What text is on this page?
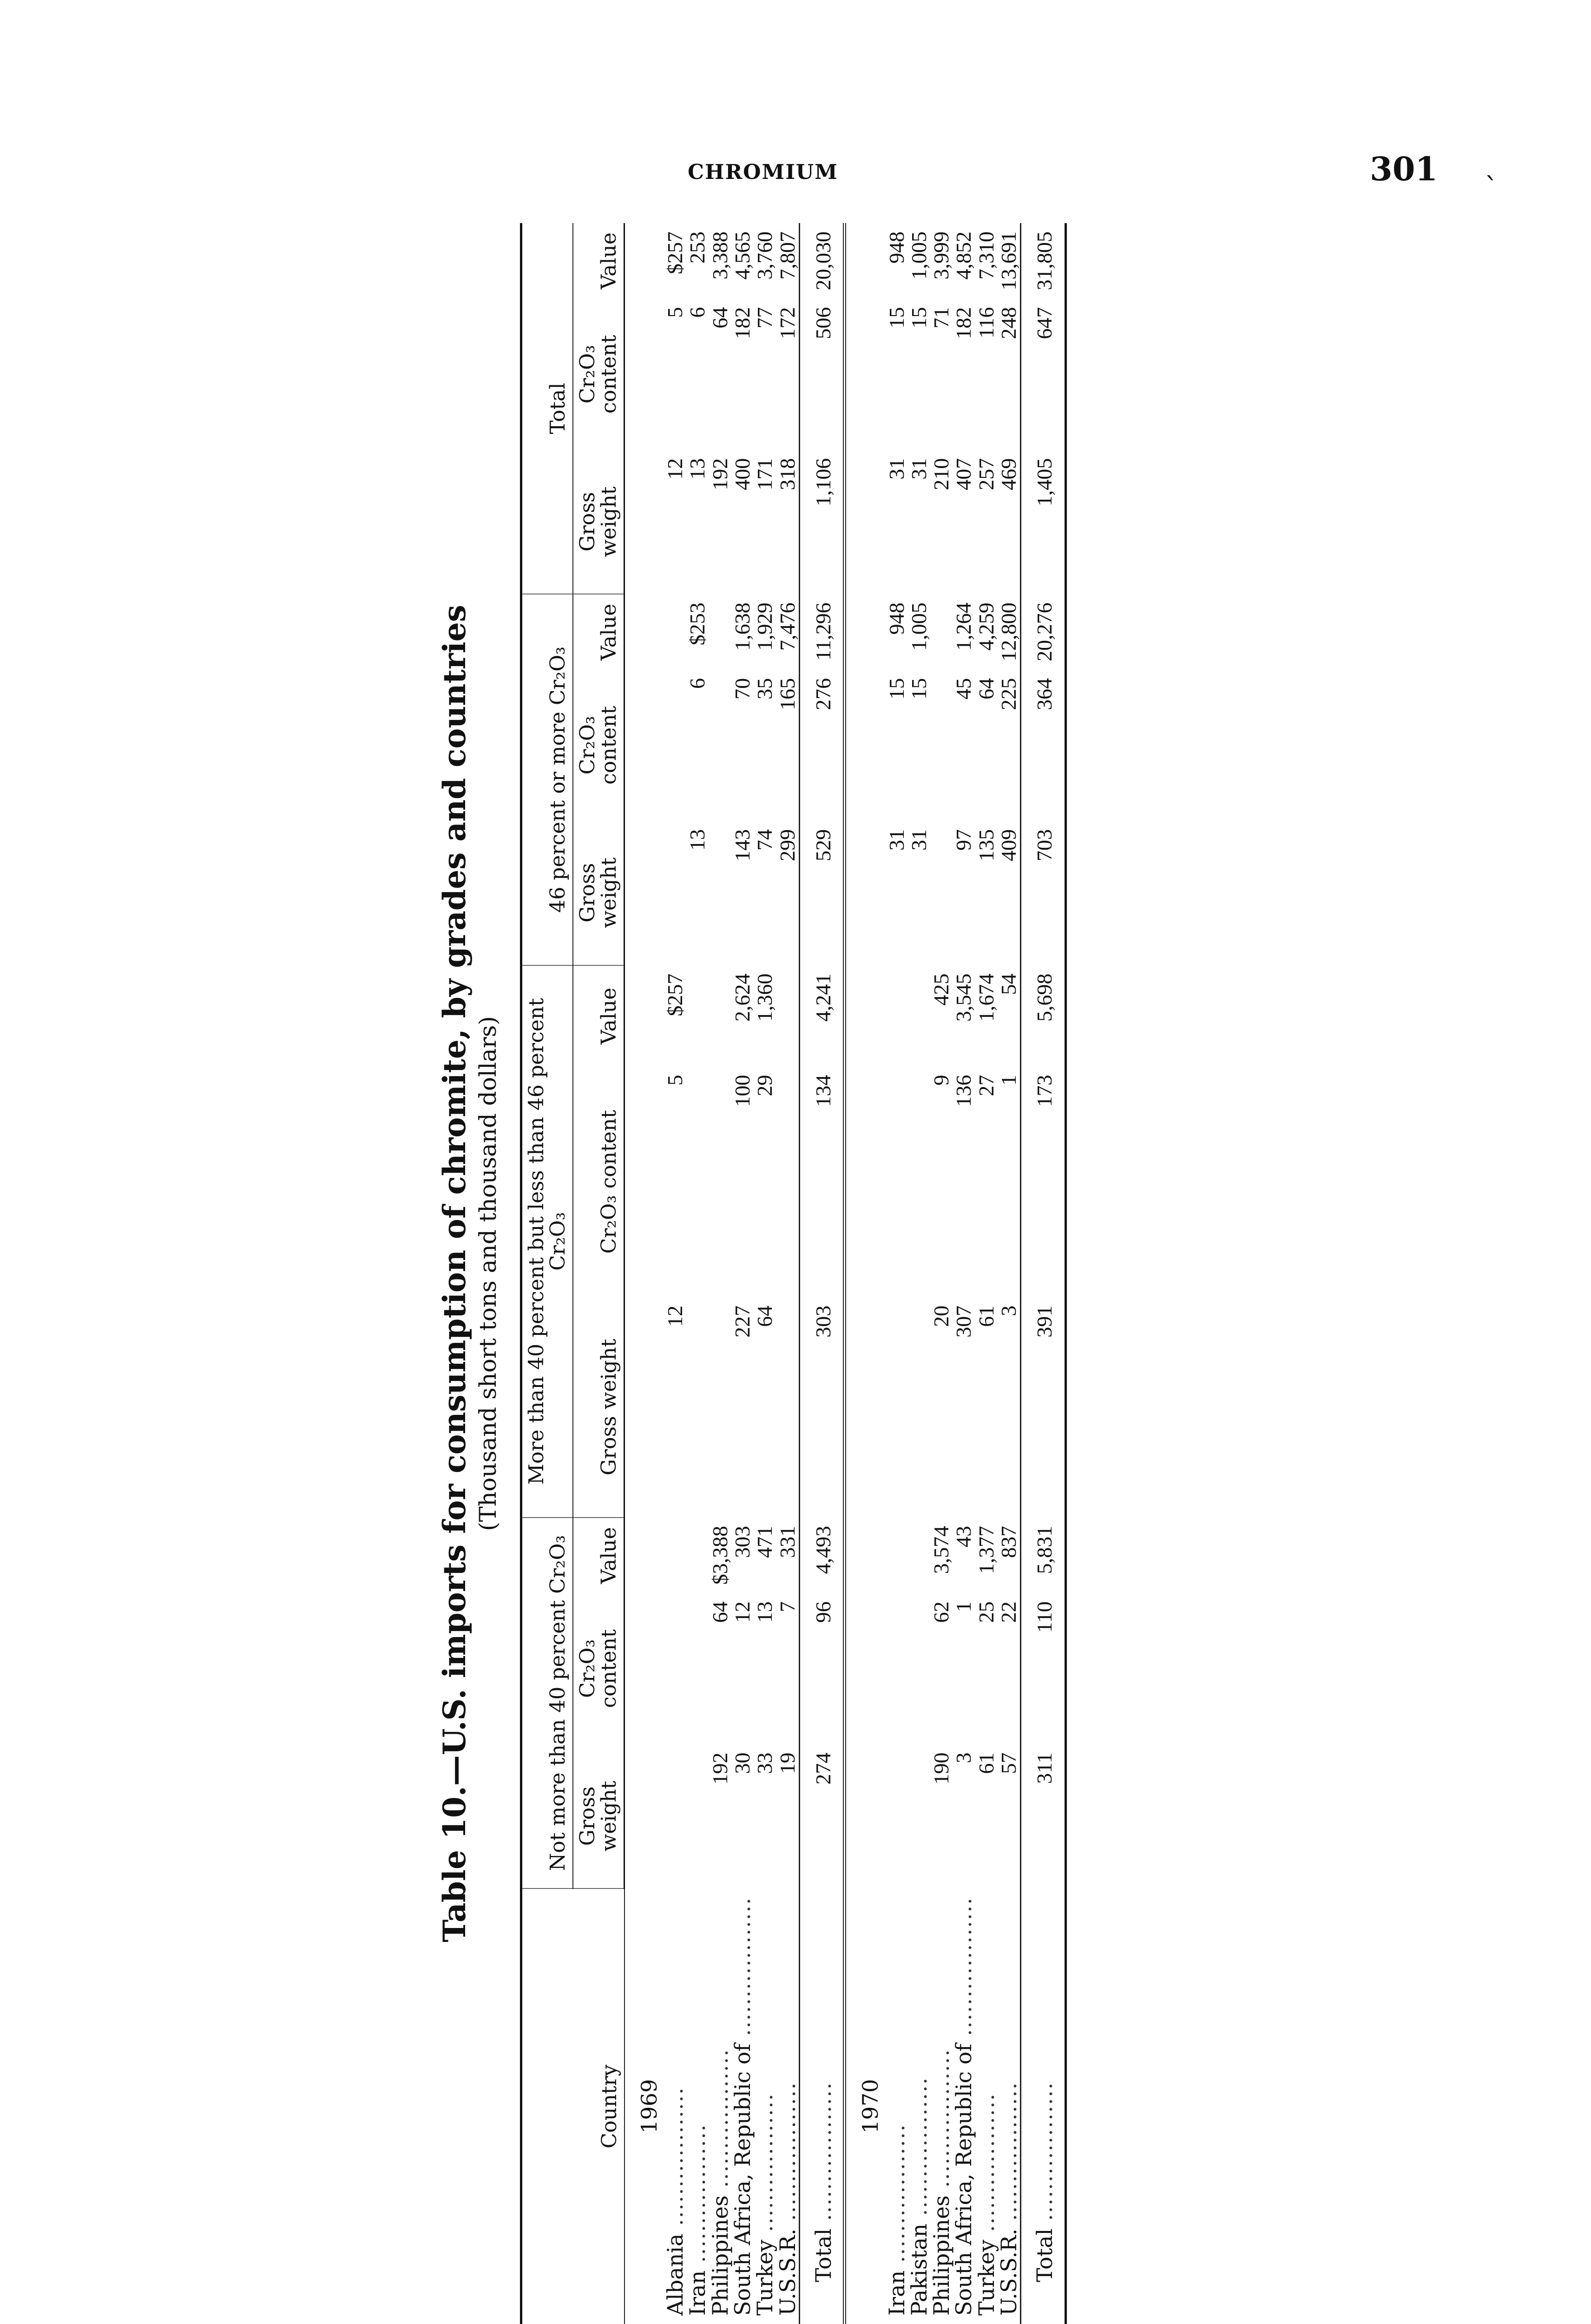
CHROMIUM	301 `
Table 10.—U.S. imports for consumption of chromite, by grades and countries (Thousand short tons and thousand dollars)
Country	Not more than 40 percent Cr₂O₃			More than 40 percent but less than 46 percent Cr₂O₃			46 percent or more Cr₂O₃			Total		
	Gross weight	Cr₂O₃ content	Value	Gross weight	Cr₂O₃ content	Value	Gross weight	Cr₂O₃ content	Value	Gross weight	Cr₂O₃ content	Value
1969												
Albania .....				12	5	$257				12	5	$257
Iran .....							13	6	$253	13	6	253
Philippines .....	192	64	$3,388							192	64	3,388
South Africa, Republic of .....	30	12	303	227	100	2,624	143	70	1,638	400	182	4,565
Turkey .....	33	13	471	64	29	1,360	74	35	1,929	171	77	3,760
U.S.S.R. .....	19	7	331				299	165	7,476	318	172	7,807
Total .....	274	96	4,493	303	134	4,241	529	276	11,296	1,106	506	20,030
1970												
Iran .....							31	15	948	31	15	948
Pakistan .....							31	15	1,005	31	15	1,005
Philippines .....	190	62	3,574	20	9	425				210	71	3,999
South Africa, Republic of .....	3	1	43	307	136	3,545	97	45	1,264	407	182	4,852
Turkey .....	61	25	1,377	61	27	1,674	135	64	4,259	257	116	7,310
U.S.S.R. .....	57	22	837	3	1	54	409	225	12,800	469	248	13,691
Total .....	311	110	5,831	391	173	5,698	703	364	20,276	1,405	647	31,805
